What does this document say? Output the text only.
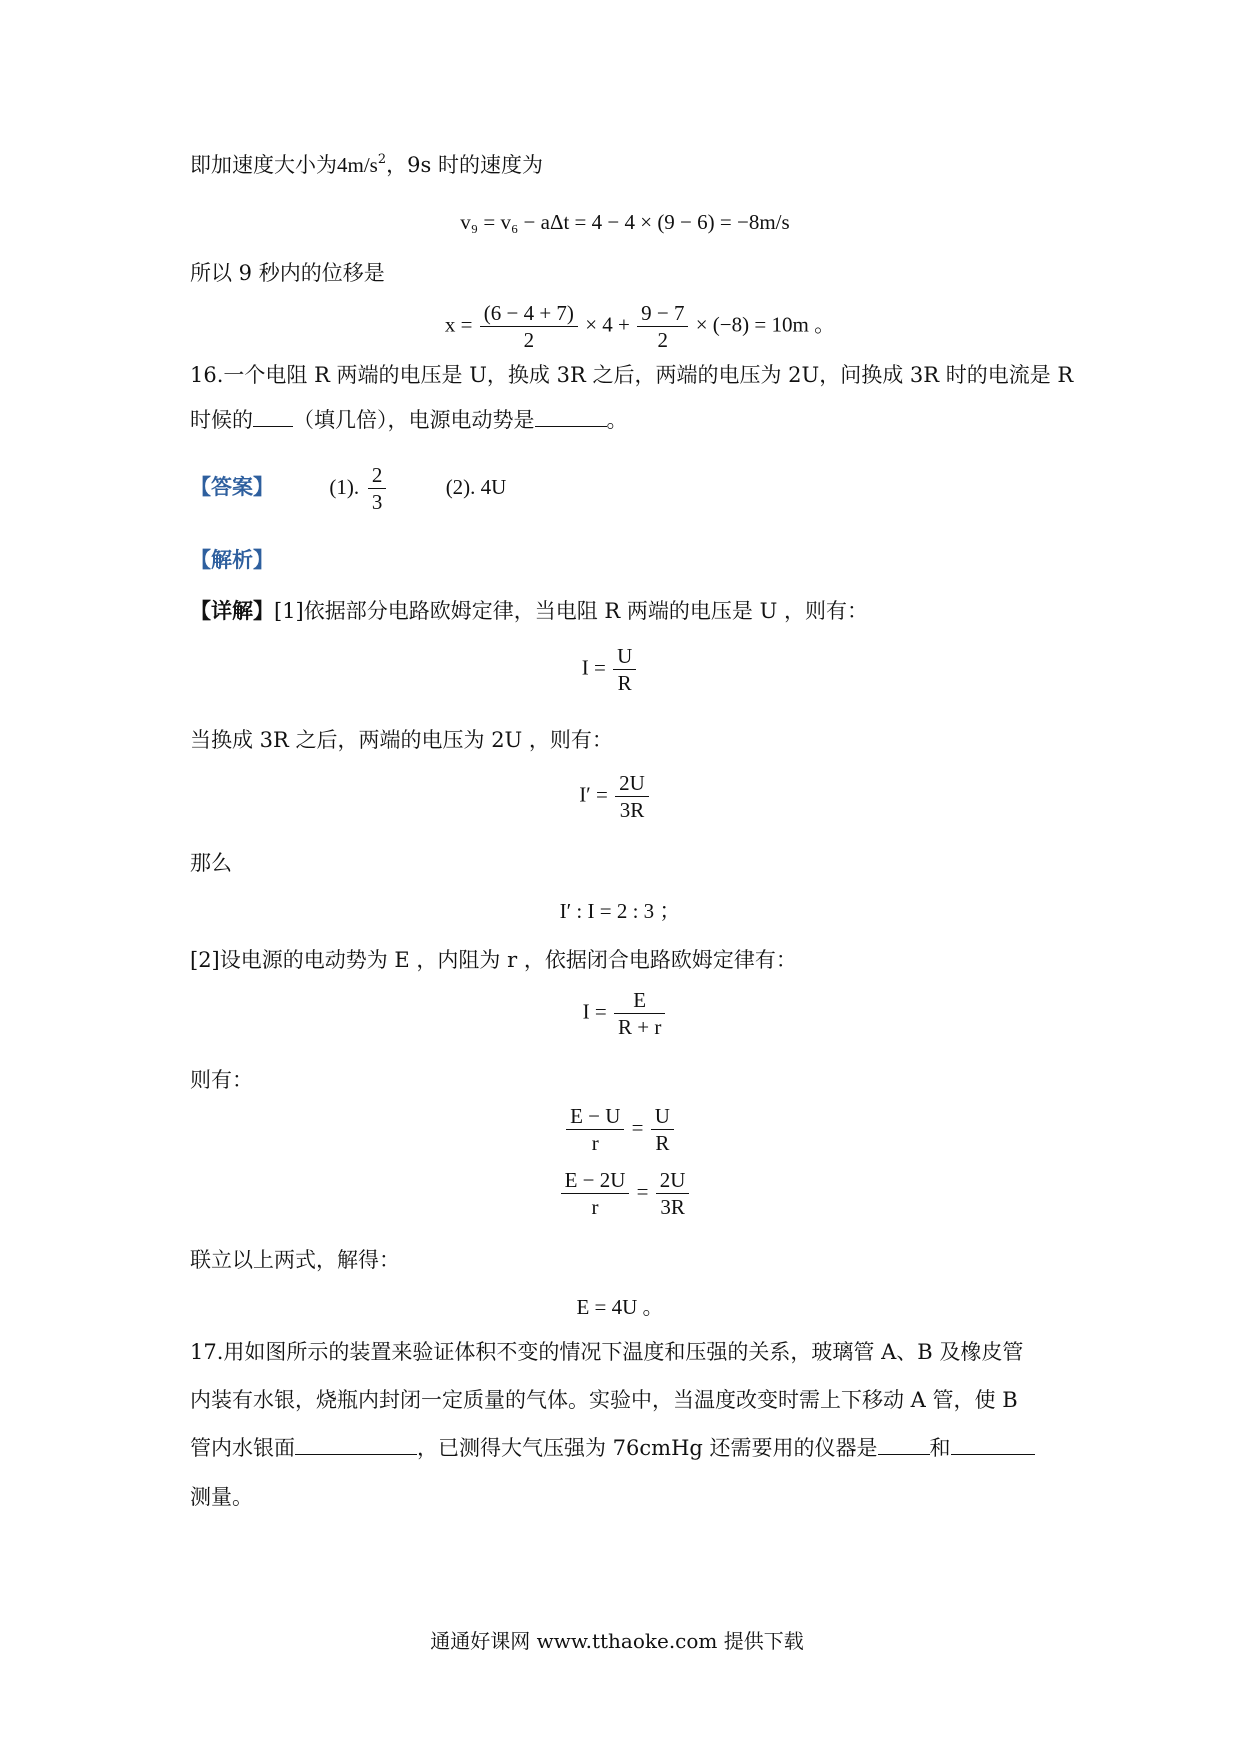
即加速度大小为$4m/s^2$，9s 时的速度为
v₉ = v₆ − aΔt = 4 − 4 × (9 − 6) = −8m/s
所以 9 秒内的位移是
$x = \frac{(6 - 4 + 7)}{2} \times 4 + \frac{9 - 7}{2} \times (-8) = 10m$ 。
16.一个电阻 R 两端的电压是 U，换成 3R 之后，两端的电压为 2U，问换成 3R 时的电流是 R
时候的 （填几倍），电源电动势是	。
【答案】	(1). $\frac{2}{3}$	(2). 4U
【解析】
【详解】[1]依据部分电路欧姆定律，当电阻 R 两端的电压是 U ，则有：
$I = \frac{U}{R}$
当换成 3R 之后，两端的电压为 2U ，则有：
$I' = \frac{2U}{3R}$
那么
I′ : I = 2 : 3 ；
[2]设电源的电动势为 E ，内阻为 r ，依据闭合电路欧姆定律有：
$I = \frac{E}{R + r}$
则有：
$\frac{E - U}{r} = \frac{U}{R}$
$\frac{E - 2U}{r} = \frac{2U}{3R}$
联立以上两式，解得：
E = 4U 。
17.用如图所示的装置来验证体积不变的情况下温度和压强的关系，玻璃管 A、B 及橡皮管
内装有水银，烧瓶内封闭一定质量的气体。实验中，当温度改变时需上下移动 A 管，使 B
管内水银面	，已测得大气压强为 76cmHg 还需要用的仪器是 和
测量。
通通好课网 www.tthaoke.com 提供下载
